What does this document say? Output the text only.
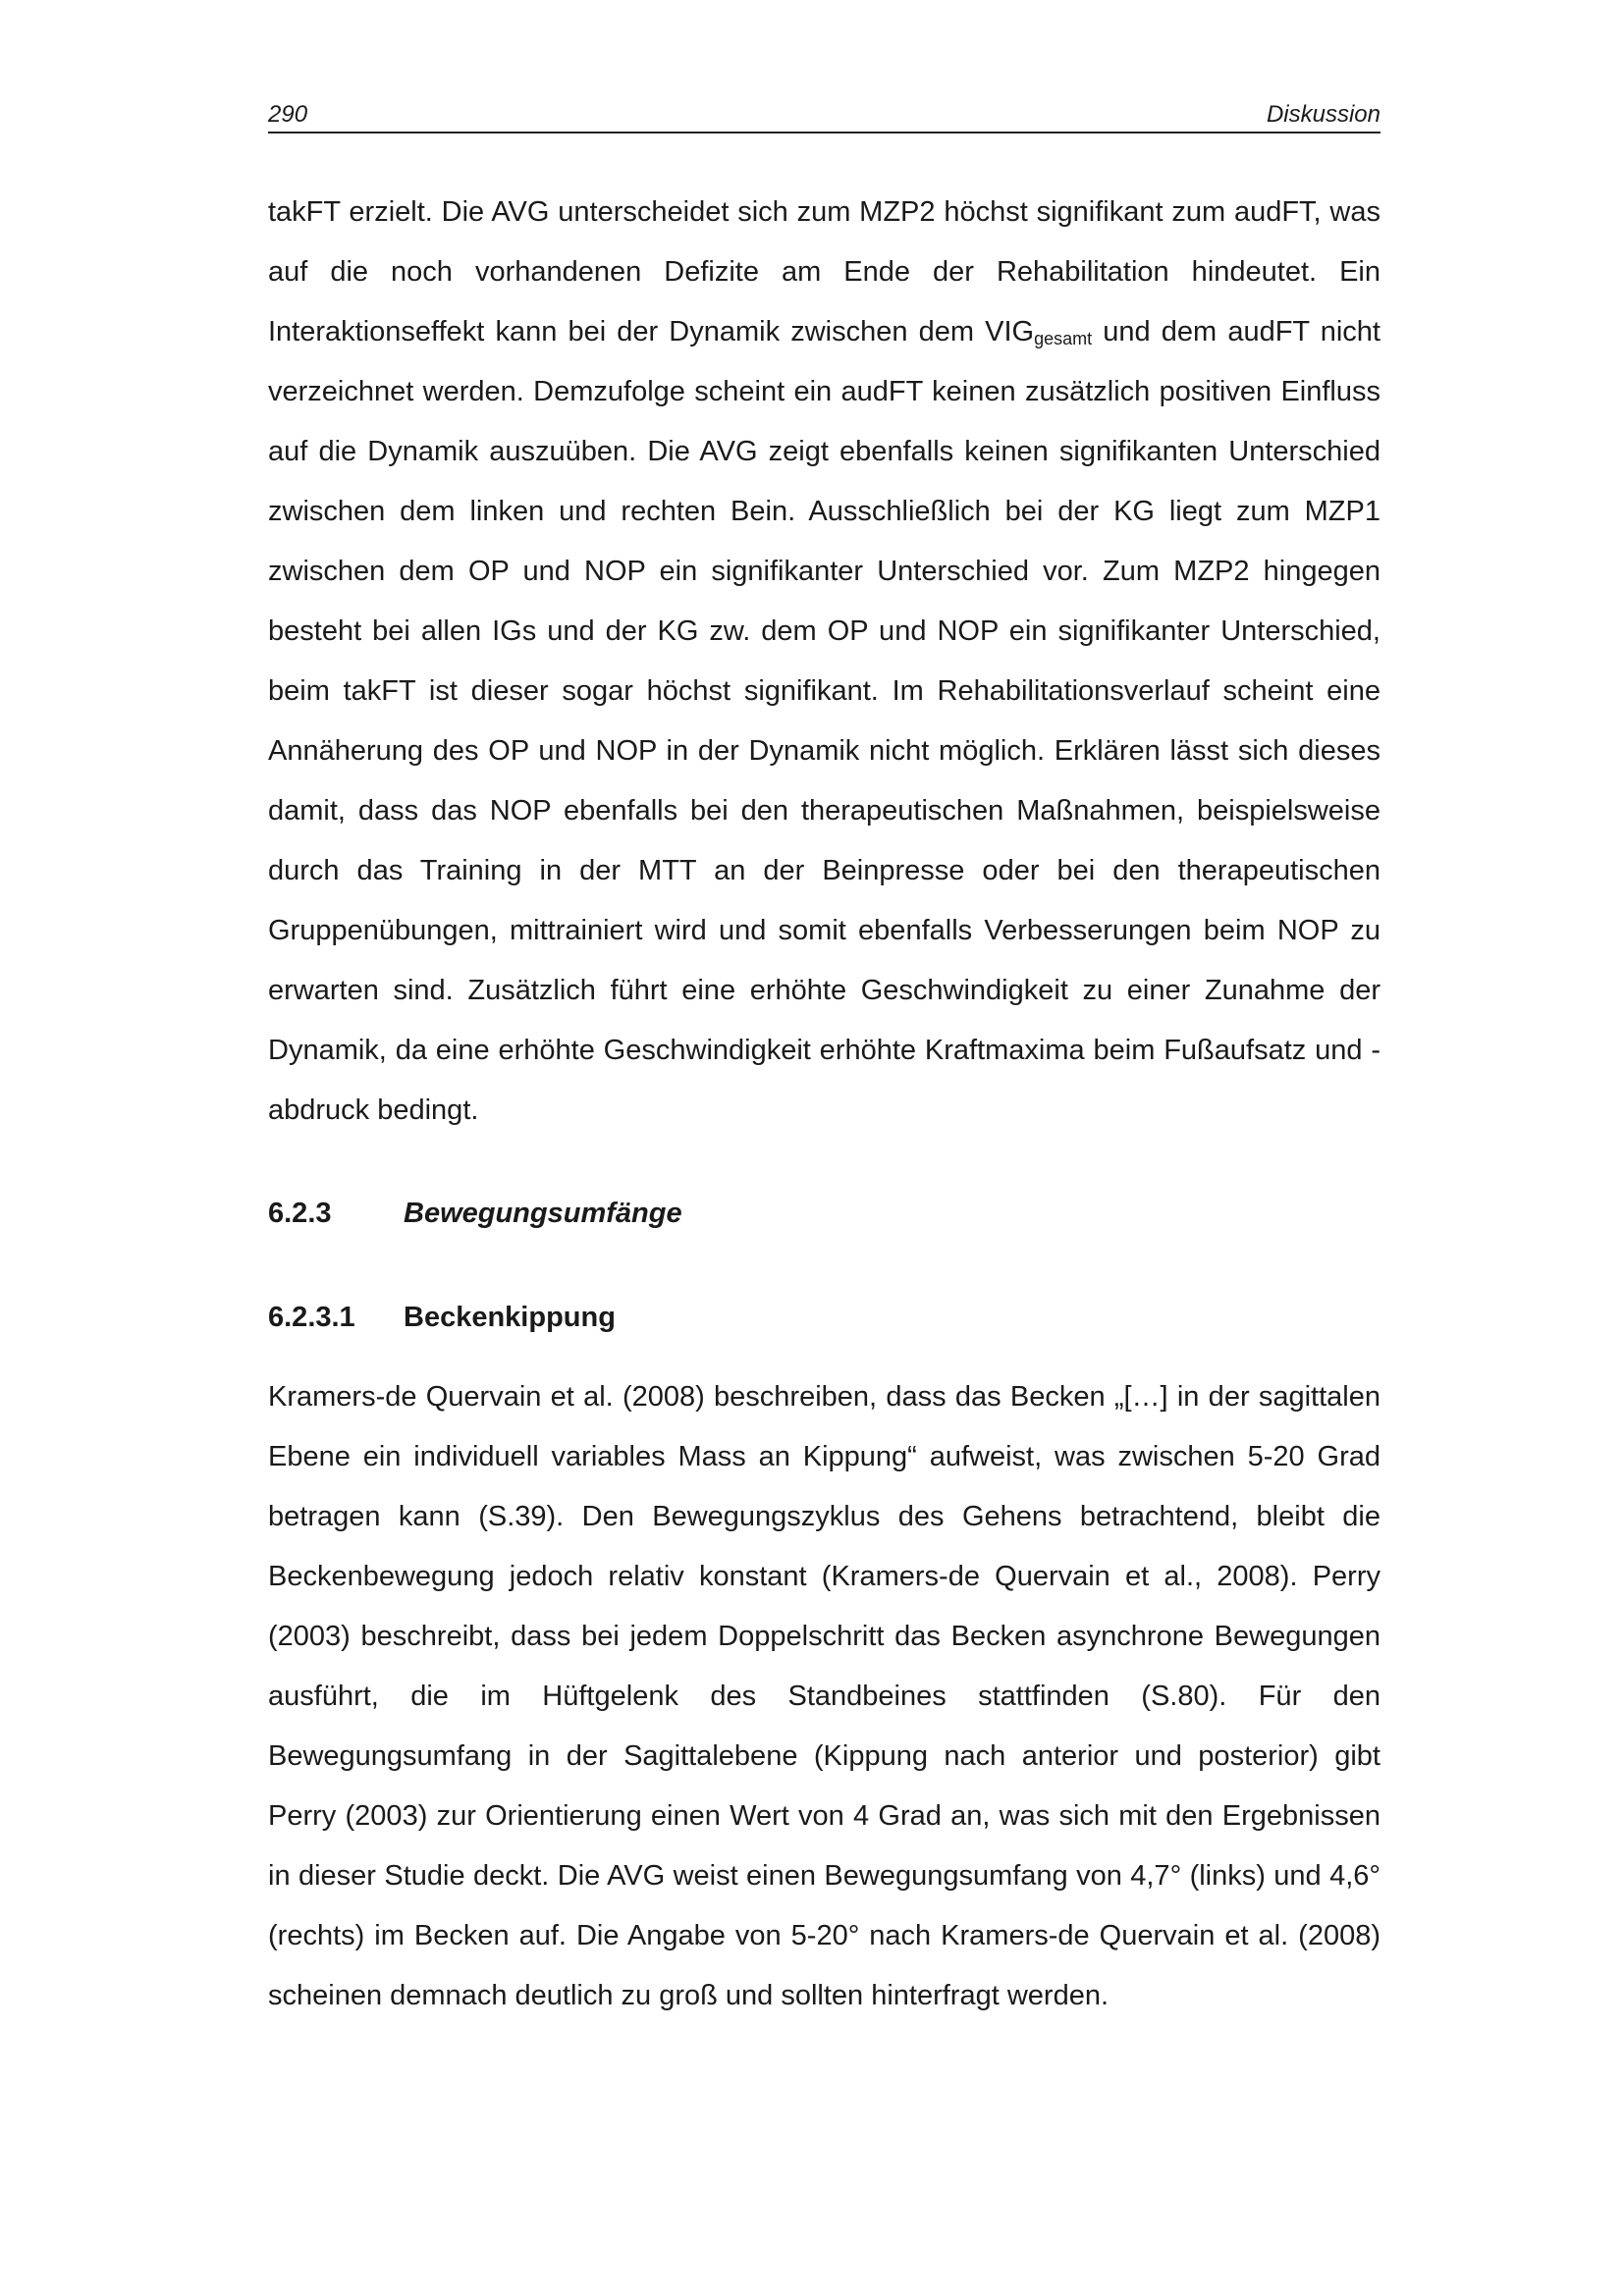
290	Diskussion

takFT erzielt. Die AVG unterscheidet sich zum MZP2 höchst signifikant zum audFT, was auf die noch vorhandenen Defizite am Ende der Rehabilitation hindeutet. Ein Interaktionseffekt kann bei der Dynamik zwischen dem $VIG_{gesamt}$ und dem audFT nicht verzeichnet werden. Demzufolge scheint ein audFT keinen zusätzlich positiven Einfluss auf die Dynamik auszuüben. Die AVG zeigt ebenfalls keinen signifikanten Unterschied zwischen dem linken und rechten Bein. Ausschließlich bei der KG liegt zum MZP1 zwischen dem OP und NOP ein signifikanter Unterschied vor. Zum MZP2 hingegen besteht bei allen IGs und der KG zw. dem OP und NOP ein signifikanter Unterschied, beim takFT ist dieser sogar höchst signifikant. Im Rehabilitationsverlauf scheint eine Annäherung des OP und NOP in der Dynamik nicht möglich. Erklären lässt sich dieses damit, dass das NOP ebenfalls bei den therapeutischen Maßnahmen, beispielsweise durch das Training in der MTT an der Beinpresse oder bei den therapeutischen Gruppenübungen, mittrainiert wird und somit ebenfalls Verbesserungen beim NOP zu erwarten sind. Zusätzlich führt eine erhöhte Geschwindigkeit zu einer Zunahme der Dynamik, da eine erhöhte Geschwindigkeit erhöhte Kraftmaxima beim Fußaufsatz und -abdruck bedingt.

6.2.3	Bewegungsumfänge
6.2.3.1 Beckenkippung

Kramers-de Quervain et al. (2008) beschreiben, dass das Becken „[…] in der sagittalen Ebene ein individuell variables Mass an Kippung“ aufweist, was zwischen 5-20 Grad betragen kann (S.39). Den Bewegungszyklus des Gehens betrachtend, bleibt die Beckenbewegung jedoch relativ konstant (Kramers-de Quervain et al., 2008). Perry (2003) beschreibt, dass bei jedem Doppelschritt das Becken asynchrone Bewegungen ausführt, die im Hüftgelenk des Standbeines stattfinden (S.80). Für den Bewegungsumfang in der Sagittalebene (Kippung nach anterior und posterior) gibt Perry (2003) zur Orientierung einen Wert von 4 Grad an, was sich mit den Ergebnissen in dieser Studie deckt. Die AVG weist einen Bewegungsumfang von 4,7° (links) und 4,6° (rechts) im Becken auf. Die Angabe von 5-20° nach Kramers-de Quervain et al. (2008) scheinen demnach deutlich zu groß und sollten hinterfragt werden.
